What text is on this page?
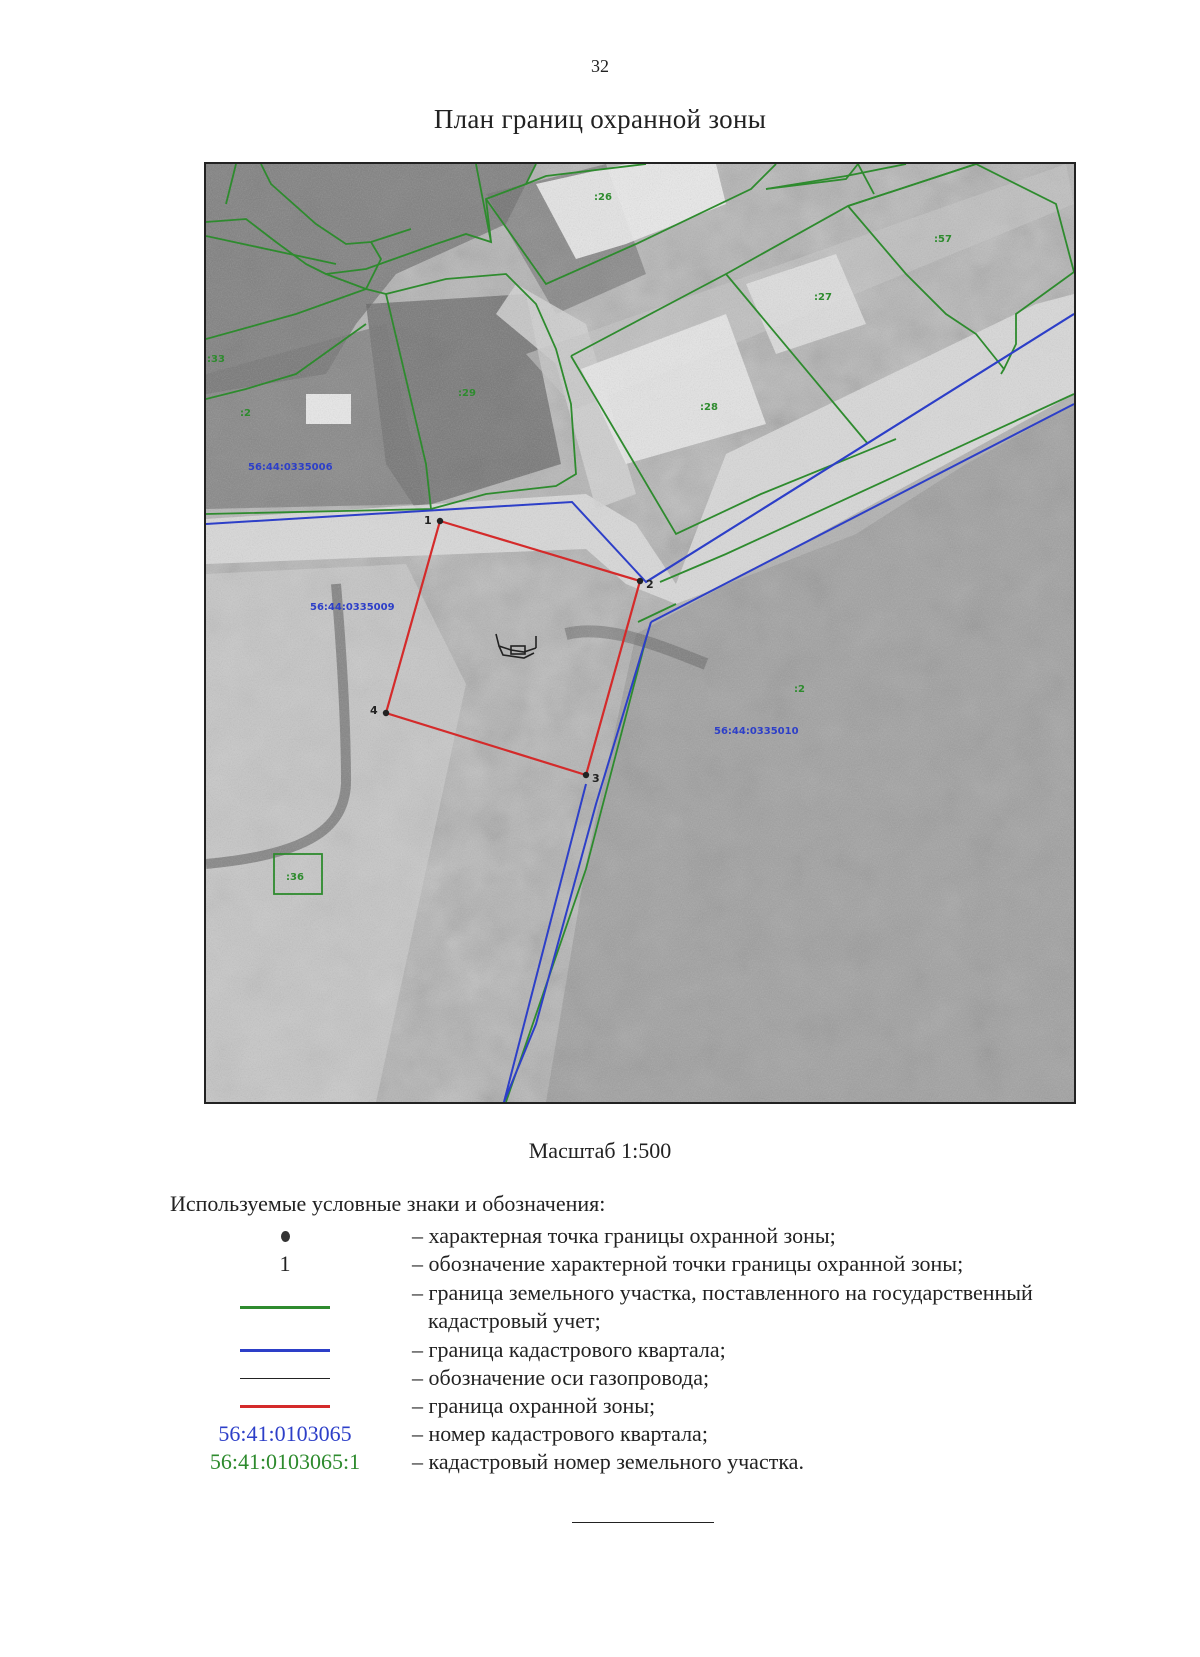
32
План границ охранной зоны
1
2
3
4
:26
:57
:27
:33
:29
:28
:2
:36
:2
56:44:0335006
56:44:0335009
56:44:0335010
Масштаб 1:500
Используемые условные знаки и обозначения:
– характерная точка границы охранной зоны;
1	– обозначение характерной точки границы охранной зоны;
– граница земельного участка, поставленного на государственный
кадастровый учет;
– граница кадастрового квартала;
– обозначение оси газопровода;
– граница охранной зоны;
56:41:0103065	– номер кадастрового квартала;
56:41:0103065:1	– кадастровый номер земельного участка.
